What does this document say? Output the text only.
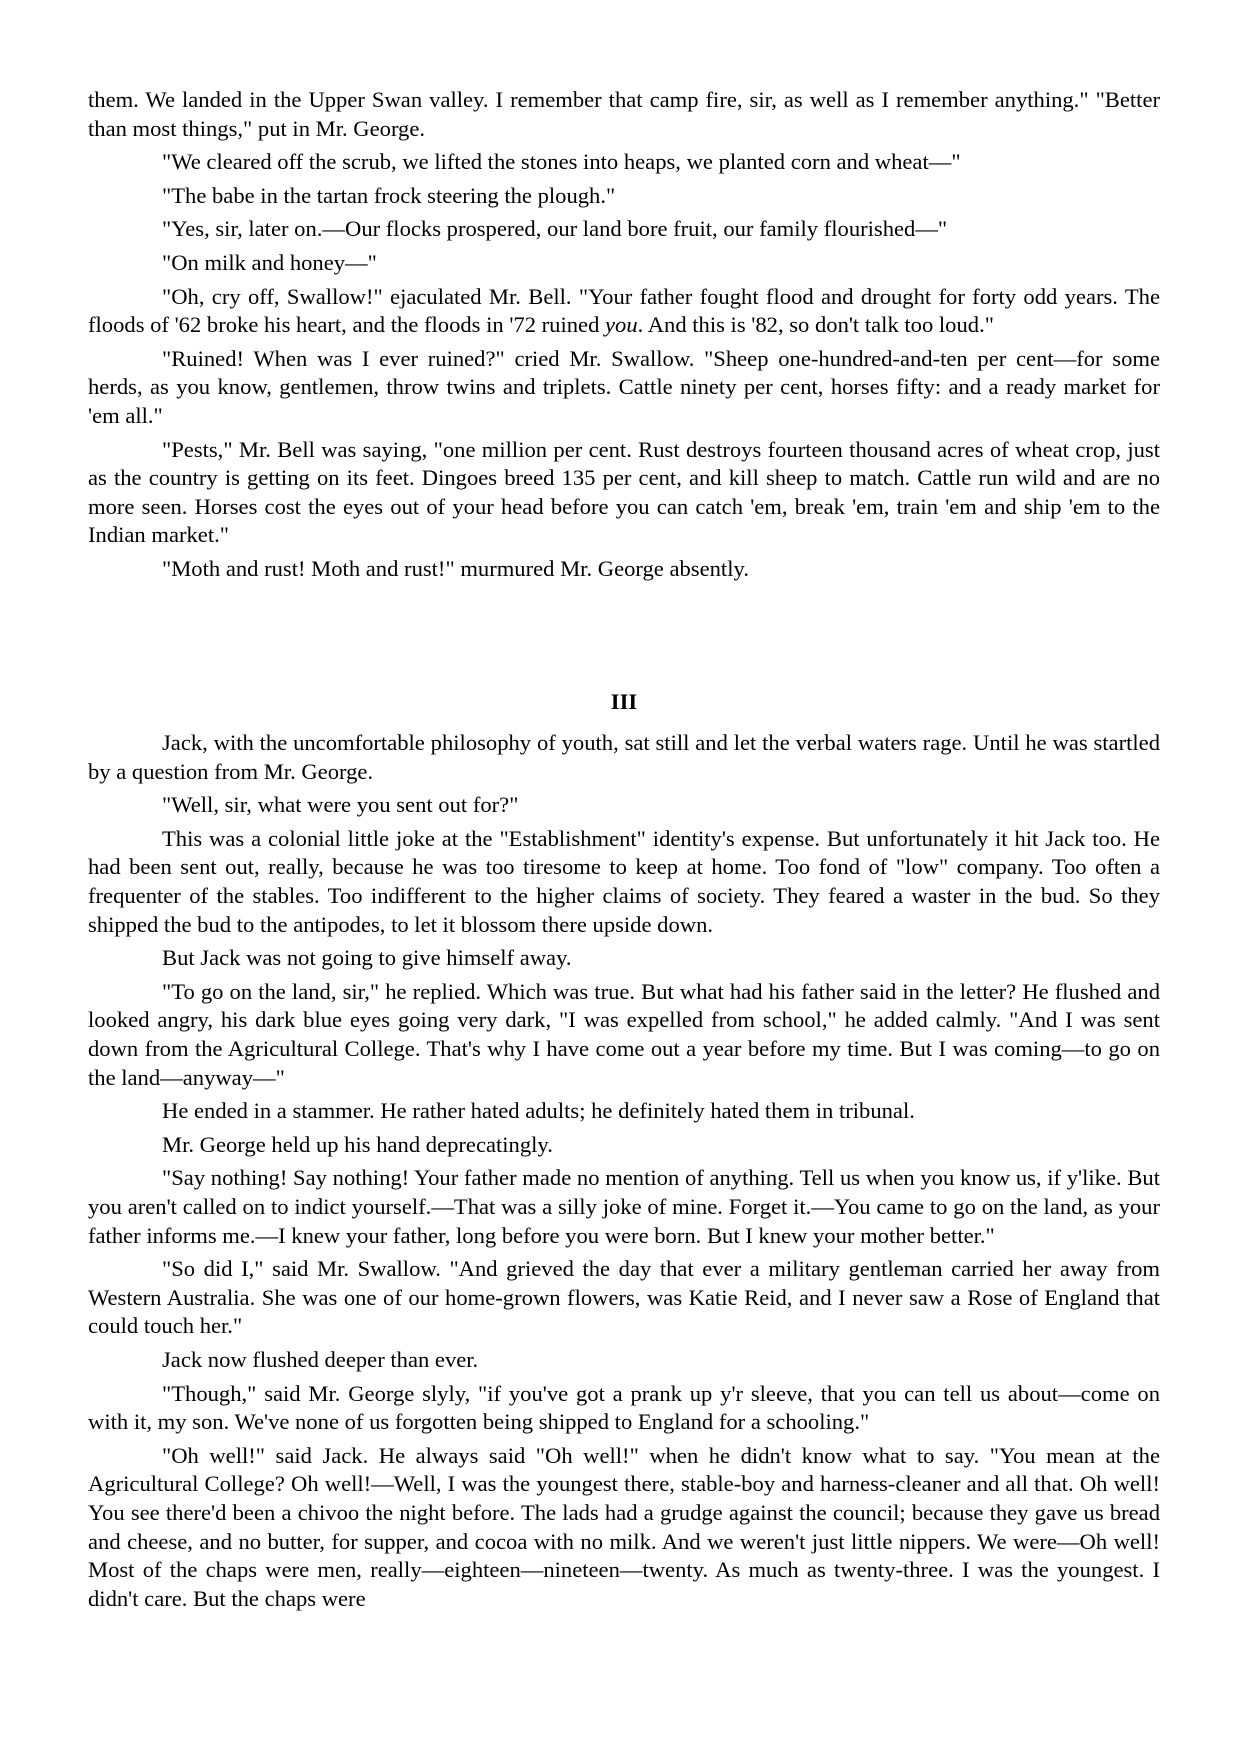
them. We landed in the Upper Swan valley. I remember that camp fire, sir, as well as I remember anything." "Better than most things," put in Mr. George.

"We cleared off the scrub, we lifted the stones into heaps, we planted corn and wheat—"

"The babe in the tartan frock steering the plough."

"Yes, sir, later on.—Our flocks prospered, our land bore fruit, our family flourished—"

"On milk and honey—"

"Oh, cry off, Swallow!" ejaculated Mr. Bell. "Your father fought flood and drought for forty odd years. The floods of '62 broke his heart, and the floods in '72 ruined you. And this is '82, so don't talk too loud."

"Ruined! When was I ever ruined?" cried Mr. Swallow. "Sheep one-hundred-and-ten per cent—for some herds, as you know, gentlemen, throw twins and triplets. Cattle ninety per cent, horses fifty: and a ready market for 'em all."

"Pests," Mr. Bell was saying, "one million per cent. Rust destroys fourteen thousand acres of wheat crop, just as the country is getting on its feet. Dingoes breed 135 per cent, and kill sheep to match. Cattle run wild and are no more seen. Horses cost the eyes out of your head before you can catch 'em, break 'em, train 'em and ship 'em to the Indian market."

"Moth and rust! Moth and rust!" murmured Mr. George absently.

III

Jack, with the uncomfortable philosophy of youth, sat still and let the verbal waters rage. Until he was startled by a question from Mr. George.

"Well, sir, what were you sent out for?"

This was a colonial little joke at the "Establishment" identity's expense. But unfortunately it hit Jack too. He had been sent out, really, because he was too tiresome to keep at home. Too fond of "low" company. Too often a frequenter of the stables. Too indifferent to the higher claims of society. They feared a waster in the bud. So they shipped the bud to the antipodes, to let it blossom there upside down.

But Jack was not going to give himself away.

"To go on the land, sir," he replied. Which was true. But what had his father said in the letter? He flushed and looked angry, his dark blue eyes going very dark, "I was expelled from school," he added calmly. "And I was sent down from the Agricultural College. That's why I have come out a year before my time. But I was coming—to go on the land—anyway—"

He ended in a stammer. He rather hated adults; he definitely hated them in tribunal.

Mr. George held up his hand deprecatingly.

"Say nothing! Say nothing! Your father made no mention of anything. Tell us when you know us, if y'like. But you aren't called on to indict yourself.—That was a silly joke of mine. Forget it.—You came to go on the land, as your father informs me.—I knew your father, long before you were born. But I knew your mother better."

"So did I," said Mr. Swallow. "And grieved the day that ever a military gentleman carried her away from Western Australia. She was one of our home-grown flowers, was Katie Reid, and I never saw a Rose of England that could touch her."

Jack now flushed deeper than ever.

"Though," said Mr. George slyly, "if you've got a prank up y'r sleeve, that you can tell us about—come on with it, my son. We've none of us forgotten being shipped to England for a schooling."

"Oh well!" said Jack. He always said "Oh well!" when he didn't know what to say. "You mean at the Agricultural College? Oh well!—Well, I was the youngest there, stable-boy and harness-cleaner and all that. Oh well! You see there'd been a chivoo the night before. The lads had a grudge against the council; because they gave us bread and cheese, and no butter, for supper, and cocoa with no milk. And we weren't just little nippers. We were—Oh well! Most of the chaps were men, really—eighteen—nineteen—twenty. As much as twenty-three. I was the youngest. I didn't care. But the chaps were
